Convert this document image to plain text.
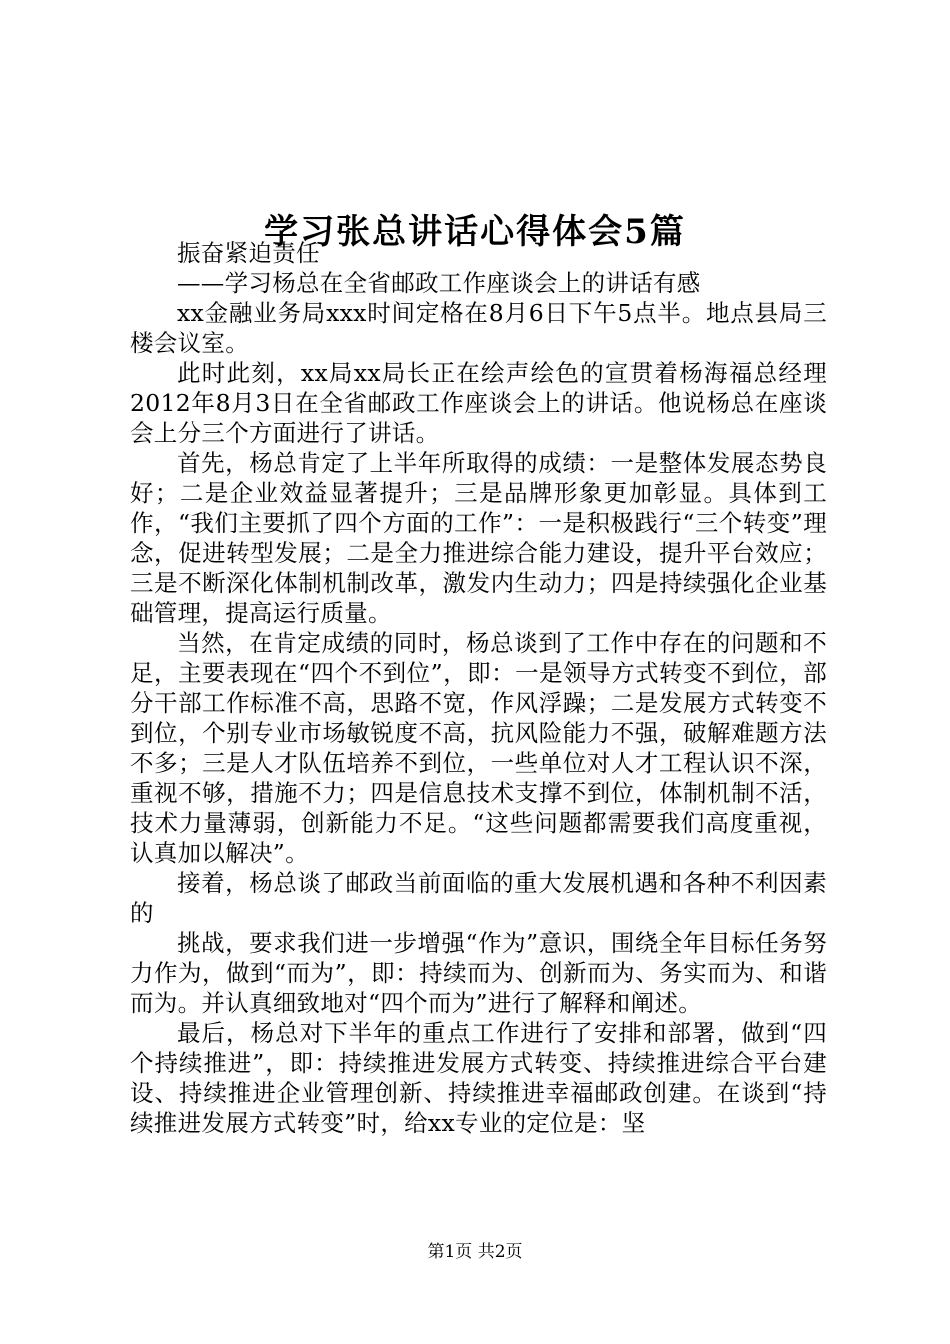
学习张总讲话心得体会5篇

振奋紧迫责任

——学习杨总在全省邮政工作座谈会上的讲话有感

xx金融业务局xxx时间定格在8月6日下午5点半。地点县局三楼会议室。

此时此刻，xx局xx局长正在绘声绘色的宣贯着杨海福总经理2012年8月3日在全省邮政工作座谈会上的讲话。他说杨总在座谈会上分三个方面进行了讲话。

首先，杨总肯定了上半年所取得的成绩：一是整体发展态势良好；二是企业效益显著提升；三是品牌形象更加彰显。具体到工作，“我们主要抓了四个方面的工作”：一是积极践行“三个转变”理念，促进转型发展；二是全力推进综合能力建设，提升平台效应；三是不断深化体制机制改革，激发内生动力；四是持续强化企业基础管理，提高运行质量。

当然，在肯定成绩的同时，杨总谈到了工作中存在的问题和不足，主要表现在“四个不到位”，即：一是领导方式转变不到位，部分干部工作标准不高，思路不宽，作风浮躁；二是发展方式转变不到位，个别专业市场敏锐度不高，抗风险能力不强，破解难题方法不多；三是人才队伍培养不到位，一些单位对人才工程认识不深，重视不够，措施不力；四是信息技术支撑不到位，体制机制不活，技术力量薄弱，创新能力不足。“这些问题都需要我们高度重视，认真加以解决”。

接着，杨总谈了邮政当前面临的重大发展机遇和各种不利因素的

挑战，要求我们进一步增强“作为”意识，围绕全年目标任务努力作为，做到“而为”，即：持续而为、创新而为、务实而为、和谐而为。并认真细致地对“四个而为”进行了解释和阐述。

最后，杨总对下半年的重点工作进行了安排和部署，做到“四个持续推进”，即：持续推进发展方式转变、持续推进综合平台建设、持续推进企业管理创新、持续推进幸福邮政创建。在谈到“持续推进发展方式转变”时，给xx专业的定位是：坚

第1页 共2页
